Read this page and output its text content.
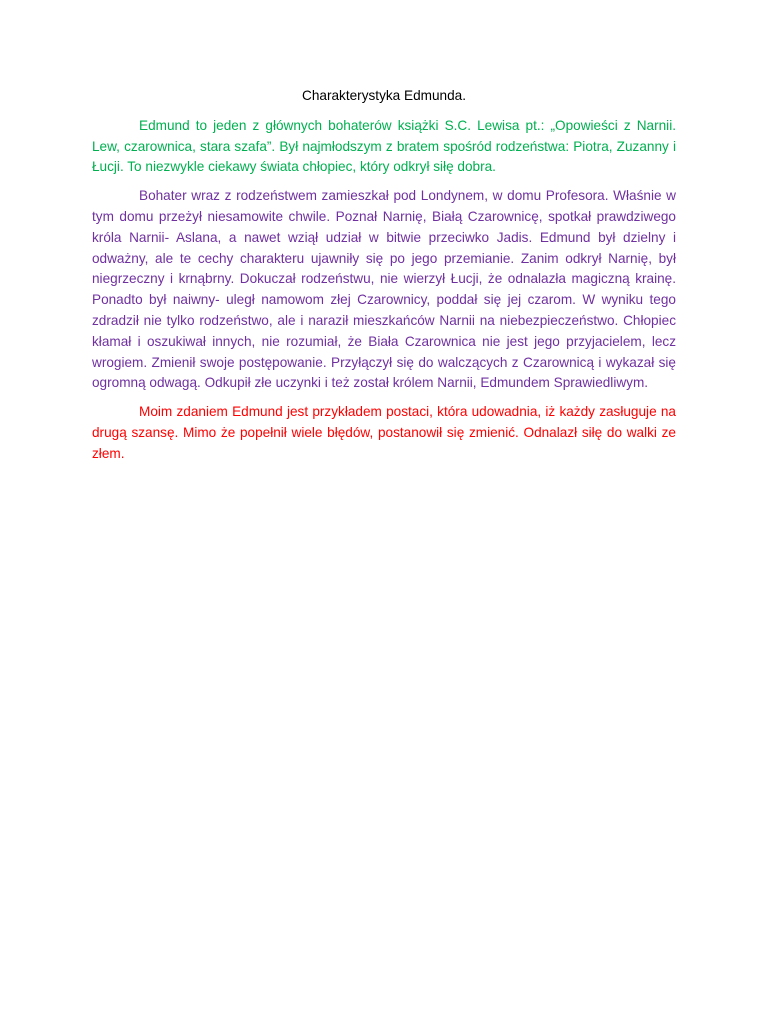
Charakterystyka Edmunda.

Edmund to jeden z głównych bohaterów książki S.C. Lewisa pt.: „Opowieści z Narnii. Lew, czarownica, stara szafa”. Był najmłodszym z bratem spośród rodzeństwa: Piotra, Zuzanny i Łucji. To niezwykle ciekawy świata chłopiec, który odkrył siłę dobra.

Bohater wraz z rodzeństwem zamieszkał pod Londynem, w domu Profesora. Właśnie w tym domu przeżył niesamowite chwile. Poznał Narnię, Białą Czarownicę, spotkał prawdziwego króla Narnii- Aslana, a nawet wziął udział w bitwie przeciwko Jadis. Edmund był dzielny i odważny, ale te cechy charakteru ujawniły się po jego przemianie. Zanim odkrył Narnię, był niegrzeczny i krnąbrny. Dokuczał rodzeństwu, nie wierzył Łucji, że odnalazła magiczną krainę. Ponadto był naiwny- uległ namowom złej Czarownicy, poddał się jej czarom. W wyniku tego zdradził nie tylko rodzeństwo, ale i naraził mieszkańców Narnii na niebezpieczeństwo. Chłopiec kłamał i oszukiwał innych, nie rozumiał, że Biała Czarownica nie jest jego przyjacielem, lecz wrogiem. Zmienił swoje postępowanie. Przyłączył się do walczących z Czarownicą i wykazał się ogromną odwagą. Odkupił złe uczynki i też został królem Narnii, Edmundem Sprawiedliwym.

Moim zdaniem Edmund jest przykładem postaci, która udowadnia, iż każdy zasługuje na drugą szansę. Mimo że popełnił wiele błędów, postanowił się zmienić. Odnalazł siłę do walki ze złem.
